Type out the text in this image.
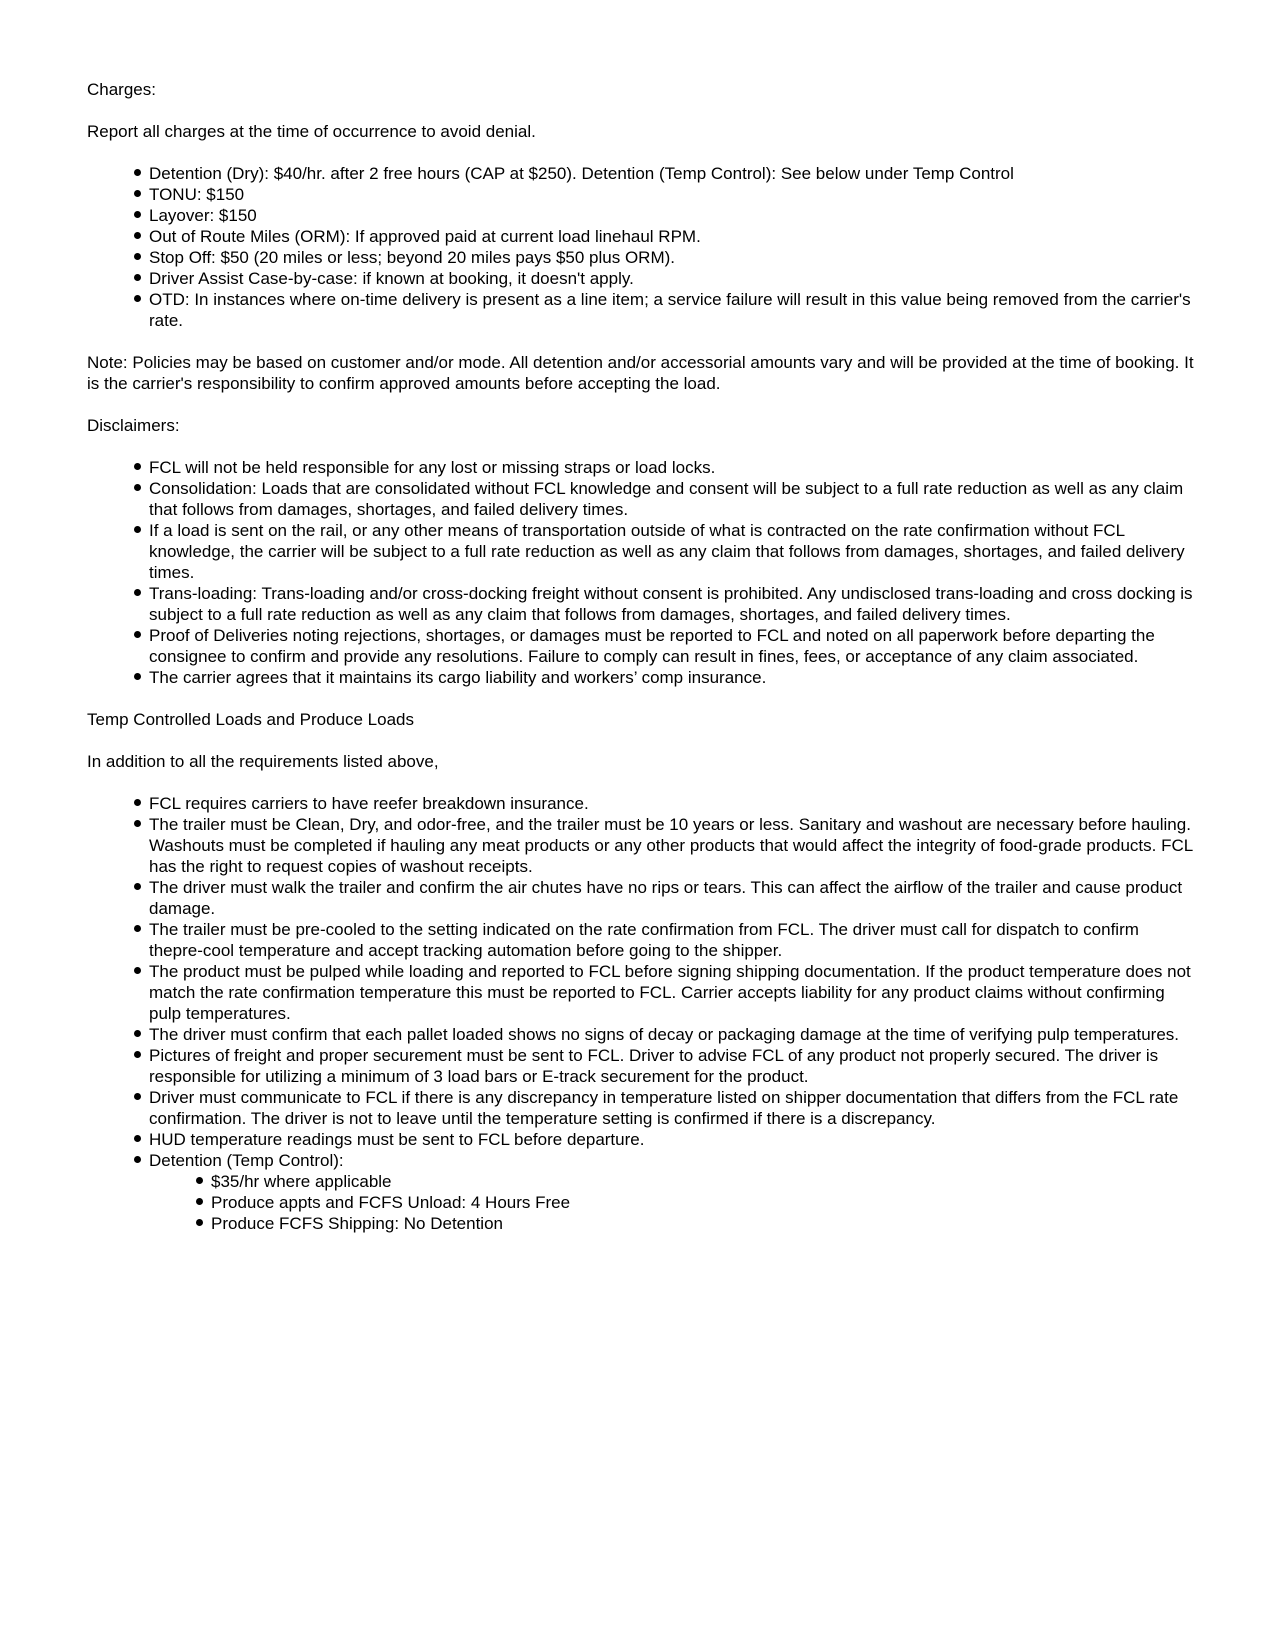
Charges:

Report all charges at the time of occurrence to avoid denial.

Detention (Dry): $40/hr. after 2 free hours (CAP at $250). Detention (Temp Control): See below under Temp Control
TONU: $150
Layover: $150
Out of Route Miles (ORM): If approved paid at current load linehaul RPM.
Stop Off: $50 (20 miles or less; beyond 20 miles pays $50 plus ORM).
Driver Assist Case-by-case: if known at booking, it doesn't apply.
OTD: In instances where on-time delivery is present as a line item; a service failure will result in this value being removed from the carrier's rate.

Note: Policies may be based on customer and/or mode. All detention and/or accessorial amounts vary and will be provided at the time of booking. It is the carrier's responsibility to confirm approved amounts before accepting the load.

Disclaimers:

FCL will not be held responsible for any lost or missing straps or load locks.
Consolidation: Loads that are consolidated without FCL knowledge and consent will be subject to a full rate reduction as well as any claim that follows from damages, shortages, and failed delivery times.
If a load is sent on the rail, or any other means of transportation outside of what is contracted on the rate confirmation without FCL knowledge, the carrier will be subject to a full rate reduction as well as any claim that follows from damages, shortages, and failed delivery times.
Trans-loading: Trans-loading and/or cross-docking freight without consent is prohibited. Any undisclosed trans-loading and cross docking is subject to a full rate reduction as well as any claim that follows from damages, shortages, and failed delivery times.
Proof of Deliveries noting rejections, shortages, or damages must be reported to FCL and noted on all paperwork before departing the consignee to confirm and provide any resolutions. Failure to comply can result in fines, fees, or acceptance of any claim associated.
The carrier agrees that it maintains its cargo liability and workers’ comp insurance.

Temp Controlled Loads and Produce Loads

In addition to all the requirements listed above,

FCL requires carriers to have reefer breakdown insurance.
The trailer must be Clean, Dry, and odor-free, and the trailer must be 10 years or less. Sanitary and washout are necessary before hauling. Washouts must be completed if hauling any meat products or any other products that would affect the integrity of food-grade products. FCL has the right to request copies of washout receipts.
The driver must walk the trailer and confirm the air chutes have no rips or tears. This can affect the airflow of the trailer and cause product damage.
The trailer must be pre-cooled to the setting indicated on the rate confirmation from FCL. The driver must call for dispatch to confirm thepre-cool temperature and accept tracking automation before going to the shipper.
The product must be pulped while loading and reported to FCL before signing shipping documentation. If the product temperature does not match the rate confirmation temperature this must be reported to FCL. Carrier accepts liability for any product claims without confirming pulp temperatures.
The driver must confirm that each pallet loaded shows no signs of decay or packaging damage at the time of verifying pulp temperatures.
Pictures of freight and proper securement must be sent to FCL. Driver to advise FCL of any product not properly secured. The driver is responsible for utilizing a minimum of 3 load bars or E-track securement for the product.
Driver must communicate to FCL if there is any discrepancy in temperature listed on shipper documentation that differs from the FCL rate confirmation. The driver is not to leave until the temperature setting is confirmed if there is a discrepancy.
HUD temperature readings must be sent to FCL before departure.
Detention (Temp Control):
$35/hr where applicable
Produce appts and FCFS Unload: 4 Hours Free
Produce FCFS Shipping: No Detention
